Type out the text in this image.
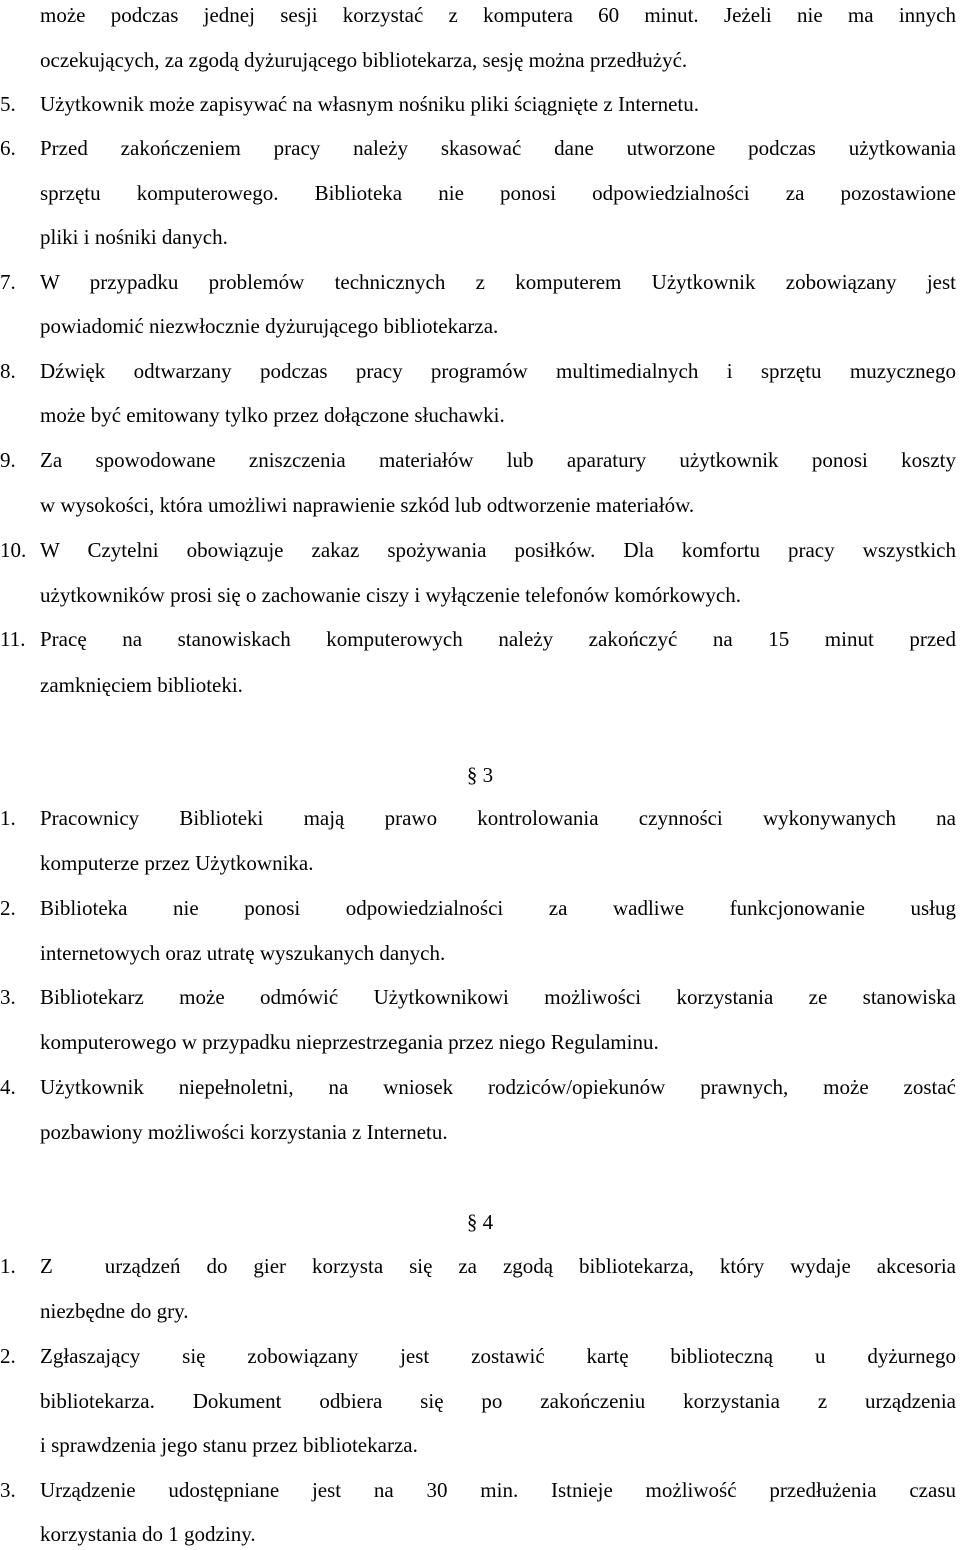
może podczas jednej sesji korzystać z komputera 60 minut. Jeżeli nie ma innych
oczekujących, za zgodą dyżurującego bibliotekarza, sesję można przedłużyć.
5. Użytkownik może zapisywać na własnym nośniku pliki ściągnięte z Internetu.
6. Przed zakończeniem pracy należy skasować dane utworzone podczas użytkowania
sprzętu komputerowego. Biblioteka nie ponosi odpowiedzialności za pozostawione
pliki i nośniki danych.
7. W przypadku problemów technicznych z komputerem Użytkownik zobowiązany jest
powiadomić niezwłocznie dyżurującego bibliotekarza.
8. Dźwięk odtwarzany podczas pracy programów multimedialnych i sprzętu muzycznego
może być emitowany tylko przez dołączone słuchawki.
9. Za spowodowane zniszczenia materiałów lub aparatury użytkownik ponosi koszty
w wysokości, która umożliwi naprawienie szkód lub odtworzenie materiałów.
10. W Czytelni obowiązuje zakaz spożywania posiłków. Dla komfortu pracy wszystkich
użytkowników prosi się o zachowanie ciszy i wyłączenie telefonów komórkowych.
11. Pracę na stanowiskach komputerowych należy zakończyć na 15 minut przed
zamknięciem biblioteki.
§ 3
1. Pracownicy Biblioteki mają prawo kontrolowania czynności wykonywanych na
komputerze przez Użytkownika.
2. Biblioteka nie ponosi odpowiedzialności za wadliwe funkcjonowanie usług
internetowych oraz utratę wyszukanych danych.
3. Bibliotekarz może odmówić Użytkownikowi możliwości korzystania ze stanowiska
komputerowego w przypadku nieprzestrzegania przez niego Regulaminu.
4. Użytkownik niepełnoletni, na wniosek rodziców/opiekunów prawnych, może zostać
pozbawiony możliwości korzystania z Internetu.
§ 4
1. Z  urządzeń do gier korzysta się za zgodą bibliotekarza, który wydaje akcesoria
niezbędne do gry.
2. Zgłaszający się zobowiązany jest zostawić kartę biblioteczną u dyżurnego
bibliotekarza. Dokument odbiera się po zakończeniu korzystania z urządzenia
i sprawdzenia jego stanu przez bibliotekarza.
3. Urządzenie udostępniane jest na 30 min. Istnieje możliwość przedłużenia czasu
korzystania do 1 godziny.
